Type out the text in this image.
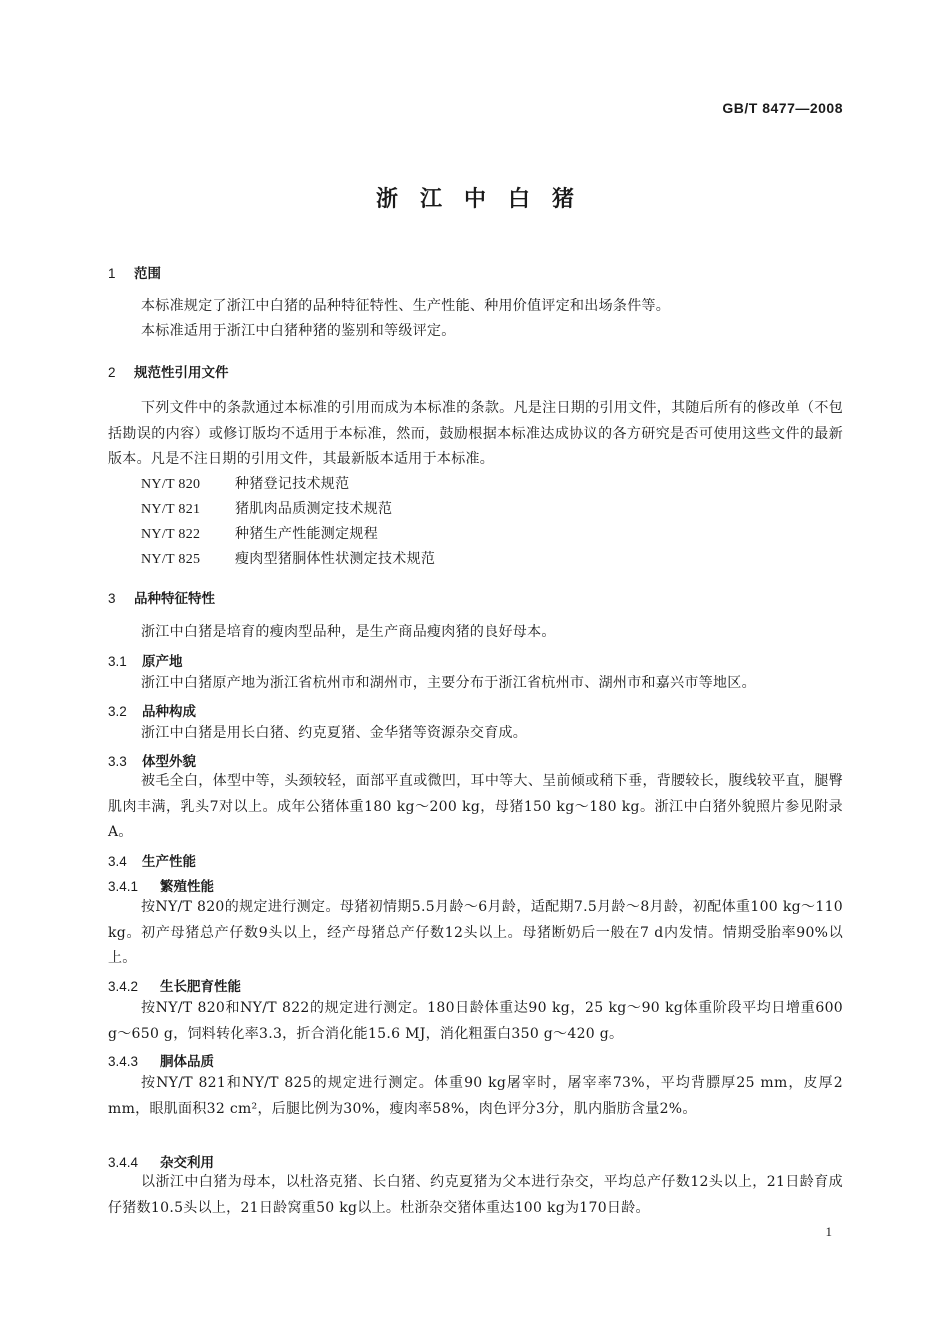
GB/T 8477—2008
浙江中白猪
1 范围
本标准规定了浙江中白猪的品种特征特性、生产性能、种用价值评定和出场条件等。
本标准适用于浙江中白猪种猪的鉴别和等级评定。
2 规范性引用文件
下列文件中的条款通过本标准的引用而成为本标准的条款。凡是注日期的引用文件，其随后所有的修改单（不包括勘误的内容）或修订版均不适用于本标准，然而，鼓励根据本标准达成协议的各方研究是否可使用这些文件的最新版本。凡是不注日期的引用文件，其最新版本适用于本标准。
NY/T 820 种猪登记技术规范
NY/T 821 猪肌肉品质测定技术规范
NY/T 822 种猪生产性能测定规程
NY/T 825 瘦肉型猪胴体性状测定技术规范
3 品种特征特性
浙江中白猪是培育的瘦肉型品种，是生产商品瘦肉猪的良好母本。
3.1 原产地
浙江中白猪原产地为浙江省杭州市和湖州市，主要分布于浙江省杭州市、湖州市和嘉兴市等地区。
3.2 品种构成
浙江中白猪是用长白猪、约克夏猪、金华猪等资源杂交育成。
3.3 体型外貌
被毛全白，体型中等，头颈较轻，面部平直或微凹，耳中等大、呈前倾或稍下垂，背腰较长，腹线较平直，腿臀肌肉丰满，乳头7对以上。成年公猪体重180 kg～200 kg，母猪150 kg～180 kg。浙江中白猪外貌照片参见附录A。
3.4 生产性能
3.4.1 繁殖性能
按NY/T 820的规定进行测定。母猪初情期5.5月龄～6月龄，适配期7.5月龄～8月龄，初配体重100 kg～110 kg。初产母猪总产仔数9头以上，经产母猪总产仔数12头以上。母猪断奶后一般在7 d内发情。情期受胎率90%以上。
3.4.2 生长肥育性能
按NY/T 820和NY/T 822的规定进行测定。180日龄体重达90 kg，25 kg～90 kg体重阶段平均日增重600 g～650 g，饲料转化率3.3，折合消化能15.6 MJ，消化粗蛋白350 g～420 g。
3.4.3 胴体品质
按NY/T 821和NY/T 825的规定进行测定。体重90 kg屠宰时，屠宰率73%，平均背膘厚25 mm，皮厚2 mm，眼肌面积32 cm²，后腿比例为30%，瘦肉率58%，肉色评分3分，肌内脂肪含量2%。
3.4.4 杂交利用
以浙江中白猪为母本，以杜洛克猪、长白猪、约克夏猪为父本进行杂交，平均总产仔数12头以上，21日龄育成仔猪数10.5头以上，21日龄窝重50 kg以上。杜浙杂交猪体重达100 kg为170日龄。
1
